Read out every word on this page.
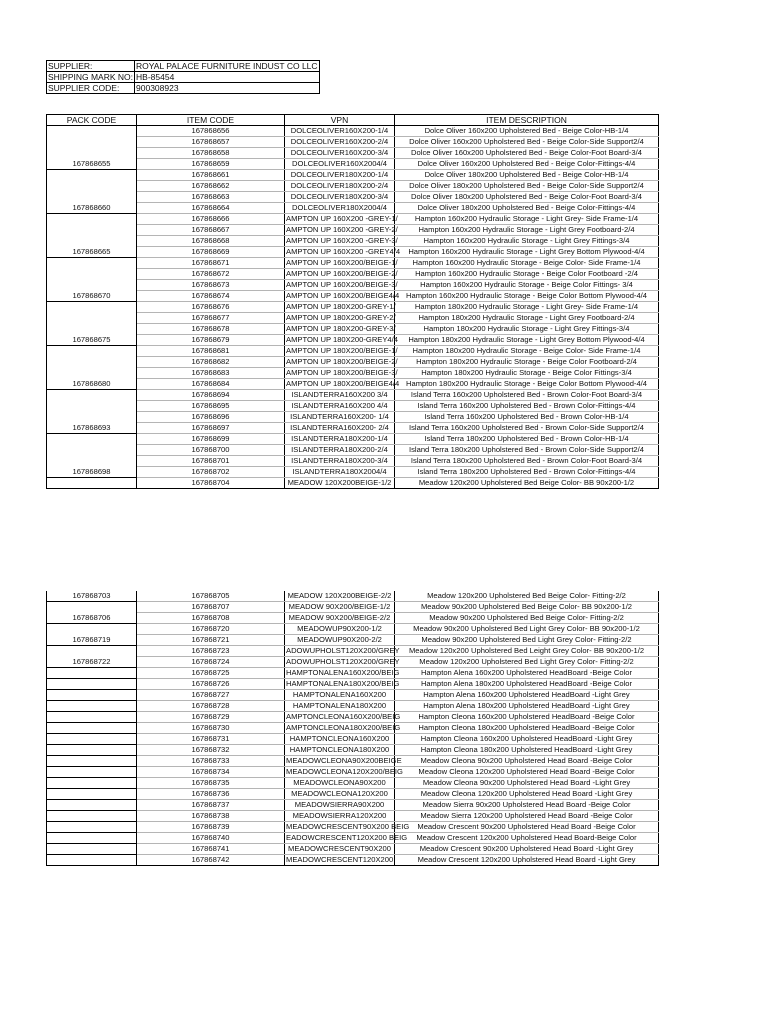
SUPPLIER:	ROYAL PALACE FURNITURE INDUST CO LLC
SHIPPING MARK NO:	HB-85454
SUPPLIER CODE:	900308923
PACK CODE	ITEM CODE	VPN	ITEM DESCRIPTION
167868655	167868656	DOLCEOLIVER160X200-1/4	Dolce Oliver 160x200 Upholstered Bed - Beige Color-HB-1/4
	167868657	DOLCEOLIVER160X200-2/4	Dolce Oliver 160x200 Upholstered Bed - Beige Color-Side Support2/4
	167868658	DOLCEOLIVER160X200-3/4	Dolce Oliver 160x200 Upholstered Bed - Beige Color-Foot Board-3/4
	167868659	DOLCEOLIVER160X2004/4	Dolce Oliver 160x200 Upholstered Bed - Beige Color-Fittings-4/4
167868660	167868661	DOLCEOLIVER180X200-1/4	Dolce Oliver 180x200 Upholstered Bed - Beige Color-HB-1/4
	167868662	DOLCEOLIVER180X200-2/4	Dolce Oliver 180x200 Upholstered Bed - Beige Color-Side Support2/4
	167868663	DOLCEOLIVER180X200-3/4	Dolce Oliver 180x200 Upholstered Bed - Beige Color-Foot Board-3/4
	167868664	DOLCEOLIVER180X2004/4	Dolce Oliver 180x200 Upholstered Bed - Beige Color-Fittings-4/4
167868665	167868666	AMPTON UP 160X200 -GREY-1/	Hampton 160x200 Hydraulic Storage - Light Grey- Side Frame-1/4
	167868667	AMPTON UP 160X200 -GREY-2/	Hampton 160x200 Hydraulic Storage - Light Grey Footboard-2/4
	167868668	AMPTON UP 160X200 -GREY-3/	Hampton 160x200 Hydraulic Storage - Light Grey Fittings-3/4
	167868669	AMPTON UP 160X200 -GREY4/4	Hampton 160x200 Hydraulic Storage - Light Grey Bottom Plywood-4/4
167868670	167868671	AMPTON UP 160X200/BEIGE-1/	Hampton 160x200 Hydraulic Storage - Beige Color- Side Frame-1/4
	167868672	AMPTON UP 160X200/BEIGE-2/	Hampton 160x200 Hydraulic Storage - Beige Color Footboard -2/4
	167868673	AMPTON UP 160X200/BEIGE-3/	Hampton 160x200 Hydraulic Storage - Beige Color Fittings- 3/4
	167868674	AMPTON UP 160X200/BEIGE4/4	Hampton 160x200 Hydraulic Storage - Beige Color Bottom Plywood-4/4
167868675	167868676	AMPTON UP 180X200-GREY-1/	Hampton 180x200 Hydraulic Storage - Light Grey- Side Frame-1/4
	167868677	AMPTON UP 180X200-GREY-2/	Hampton 180x200 Hydraulic Storage - Light Grey Footboard-2/4
	167868678	AMPTON UP 180X200-GREY-3/	Hampton 180x200 Hydraulic Storage - Light Grey Fittings-3/4
	167868679	AMPTON UP 180X200-GREY4/4	Hampton 180x200 Hydraulic Storage - Light Grey Bottom Plywood-4/4
167868680	167868681	AMPTON UP 180X200/BEIGE-1/	Hampton 180x200 Hydraulic Storage - Beige Color- Side Frame-1/4
	167868682	AMPTON UP 180X200/BEIGE-2/	Hampton 180x200 Hydraulic Storage - Beige Color Footboard-2/4
	167868683	AMPTON UP 180X200/BEIGE-3/	Hampton 180x200 Hydraulic Storage - Beige Color Fittings-3/4
	167868684	AMPTON UP 180X200/BEIGE4/4	Hampton 180x200 Hydraulic Storage - Beige Color Bottom Plywood-4/4
167868693	167868694	ISLANDTERRA160X200 3/4	Island Terra 160x200 Upholstered Bed - Brown Color-Foot Board-3/4
	167868695	ISLANDTERRA160X200 4/4	Island Terra 160x200 Upholstered Bed - Brown Color-Fittings-4/4
	167868696	ISLANDTERRA160X200- 1/4	Island Terra 160x200 Upholstered Bed - Brown Color-HB-1/4
	167868697	ISLANDTERRA160X200- 2/4	Island Terra 160x200 Upholstered Bed - Brown Color-Side Support2/4
167868698	167868699	ISLANDTERRA180X200-1/4	Island Terra 180x200 Upholstered Bed - Brown Color-HB-1/4
	167868700	ISLANDTERRA180X200-2/4	Island Terra 180x200 Upholstered Bed - Brown Color-Side Support2/4
	167868701	ISLANDTERRA180X200-3/4	Island Terra 180x200 Upholstered Bed - Brown Color-Foot Board-3/4
	167868702	ISLANDTERRA180X2004/4	Island Terra 180x200 Upholstered Bed - Brown Color-Fittings-4/4
	167868704	MEADOW 120X200BEIGE-1/2	Meadow 120x200 Upholstered Bed Beige Color- BB 90x200-1/2
167868703	167868705	MEADOW 120X200BEIGE-2/2	Meadow 120x200 Upholstered Bed Beige Color- Fitting-2/2
167868706	167868707	MEADOW 90X200/BEIGE-1/2	Meadow 90x200 Upholstered Bed Beige Color- BB 90x200-1/2
	167868708	MEADOW 90X200/BEIGE-2/2	Meadow 90x200 Upholstered Bed Beige Color- Fitting-2/2
167868719	167868720	MEADOWUP90X200-1/2	Meadow 90x200 Upholstered Bed Light Grey Color- BB 90x200-1/2
	167868721	MEADOWUP90X200-2/2	Meadow 90x200 Upholstered Bed Light Grey Color- Fitting-2/2
167868722	167868723	ADOWUPHOLST120X200/GREY	Meadow 120x200 Upholstered Bed Leight Grey Color- BB 90x200-1/2
	167868724	ADOWUPHOLST120X200/GREY	Meadow 120x200 Upholstered Bed Light Grey Color- Fitting-2/2
	167868725	HAMPTONALENA160X200/BEIG	Hampton Alena 160x200 Upholstered HeadBoard -Beige Color
	167868726	HAMPTONALENA180X200/BEIG	Hampton Alena 180x200 Upholstered HeadBoard -Beige Color
	167868727	HAMPTONALENA160X200	Hampton Alena 160x200 Upholstered HeadBoard -Light Grey
	167868728	HAMPTONALENA180X200	Hampton Alena 180x200 Upholstered HeadBoard -Light Grey
	167868729	AMPTONCLEONA160X200/BEIG	Hampton Cleona 160x200 Upholstered HeadBoard -Beige Color
	167868730	AMPTONCLEONA180X200/BEIG	Hampton Cleona 180x200 Upholstered HeadBoard -Beige Color
	167868731	HAMPTONCLEONA160X200	Hampton Cleona 160x200 Upholstered HeadBoard -Light Grey
	167868732	HAMPTONCLEONA180X200	Hampton Cleona 180x200 Upholstered HeadBoard -Light Grey
	167868733	MEADOWCLEONA90X200BEIGE	Meadow Cleona 90x200 Upholstered Head Board -Beige Color
	167868734	MEADOWCLEONA120X200/BEIG	Meadow Cleona 120x200 Upholstered Head Board -Beige Color
	167868735	MEADOWCLEONA90X200	Meadow Cleona 90x200 Upholstered Head Board -Light Grey
	167868736	MEADOWCLEONA120X200	Meadow Cleona 120x200 Upholstered Head Board -Light Grey
	167868737	MEADOWSIERRA90X200	Meadow Sierra 90x200 Upholstered Head Board -Beige Color
	167868738	MEADOWSIERRA120X200	Meadow Sierra 120x200 Upholstered Head Board -Beige Color
	167868739	MEADOWCRESCENT90X200 BEIG	Meadow Crescent 90x200 Upholstered Head Board -Beige Color
	167868740	EADOWCRESCENT120X200 BEIG	Meadow Crescent 120x200 Upholstered Head Board-Beige Color
	167868741	MEADOWCRESCENT90X200	Meadow Crescent 90x200 Upholstered Head Board -Light Grey
	167868742	MEADOWCRESCENT120X200	Meadow Crescent 120x200 Upholstered Head Board -Light Grey
